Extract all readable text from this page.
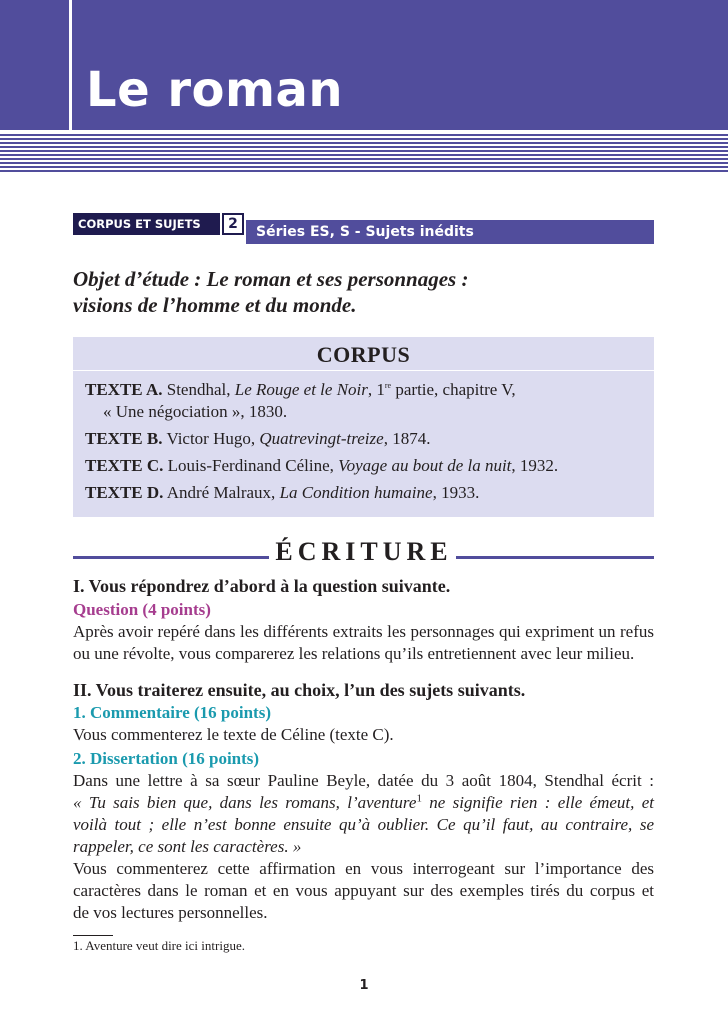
Le roman
Séries ES, S - Sujets inédits
CORPUS ET SUJETS	2
Objet d’étude : Le roman et ses personnages :
visions de l’homme et du monde.
CORPUS
TEXTE A. Stendhal, Le Rouge et le Noir, 1re partie, chapitre V,
« Une négociation », 1830.
TEXTE B. Victor Hugo, Quatrevingt-treize, 1874.
TEXTE C. Louis-Ferdinand Céline, Voyage au bout de la nuit, 1932.
TEXTE D. André Malraux, La Condition humaine, 1933.
ÉCRITURE
I. Vous répondrez d’abord à la question suivante.
Question (4 points)
Après avoir repéré dans les différents extraits les personnages qui expriment un refus
ou une révolte, vous comparerez les relations qu’ils entretiennent avec leur milieu.
II. Vous traiterez ensuite, au choix, l’un des sujets suivants.
1. Commentaire (16 points)
Vous commenterez le texte de Céline (texte C).
2. Dissertation (16 points)
Dans une lettre à sa sœur Pauline Beyle, datée du 3 août 1804, Stendhal écrit :
« Tu sais bien que, dans les romans, l’aventure$^1$ ne signifie rien : elle émeut, et
voilà tout ; elle n’est bonne ensuite qu’à oublier. Ce qu’il faut, au contraire, se
rappeler, ce sont les caractères. »
Vous commenterez cette affirmation en vous interrogeant sur l’importance des
caractères dans le roman et en vous appuyant sur des exemples tirés du corpus et
de vos lectures personnelles.
1. Aventure veut dire ici intrigue.
1
